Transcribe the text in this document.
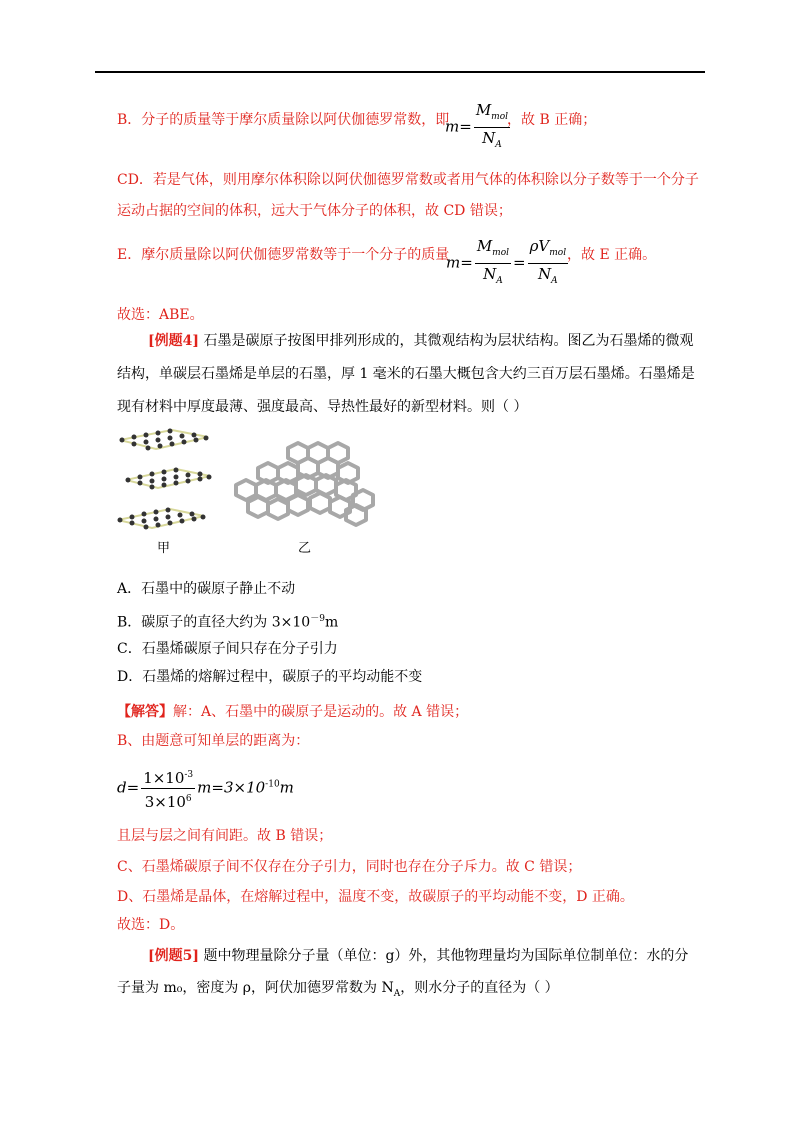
B．分子的质量等于摩尔质量除以阿伏伽德罗常数，即
$m= \frac{M_{mol}}{N_A}$
，故 B 正确；
CD．若是气体，则用摩尔体积除以阿伏伽德罗常数或者用气体的体积除以分子数等于一个分子
运动占据的空间的体积，远大于气体分子的体积，故 CD 错误；
E．摩尔质量除以阿伏伽德罗常数等于一个分子的质量
$m= \frac{M_{mol}}{N_A} = \frac{\rho V_{mol}}{N_A}$
，故 E 正确。
故选：ABE。
[例题4] 石墨是碳原子按图甲排列形成的，其微观结构为层状结构。图乙为石墨烯的微观
结构，单碳层石墨烯是单层的石墨，厚 1 毫米的石墨大概包含大约三百万层石墨烯。石墨烯是
现有材料中厚度最薄、强度最高、导热性最好的新型材料。则（ ）
甲	乙
A．石墨中的碳原子静止不动
B．碳原子的直径大约为 $3\times 10^{-9}m$
C．石墨烯碳原子间只存在分子引力
D．石墨烯的熔解过程中，碳原子的平均动能不变
【解答】解：A、石墨中的碳原子是运动的。故 A 错误；
B、由题意可知单层的距离为：
$d= \frac{1\times 10^{-3}}{3\times 10^6} m=3\times 10^{-10}m$
且层与层之间有间距。故 B 错误；
C、石墨烯碳原子间不仅存在分子引力，同时也存在分子斥力。故 C 错误；
D、石墨烯是晶体，在熔解过程中，温度不变，故碳原子的平均动能不变，D 正确。
故选：D。
[例题5] 题中物理量除分子量（单位：g）外，其他物理量均为国际单位制单位：水的分
子量为 m₀，密度为 ρ，阿伏加德罗常数为 $N_A$，则水分子的直径为（ ）
